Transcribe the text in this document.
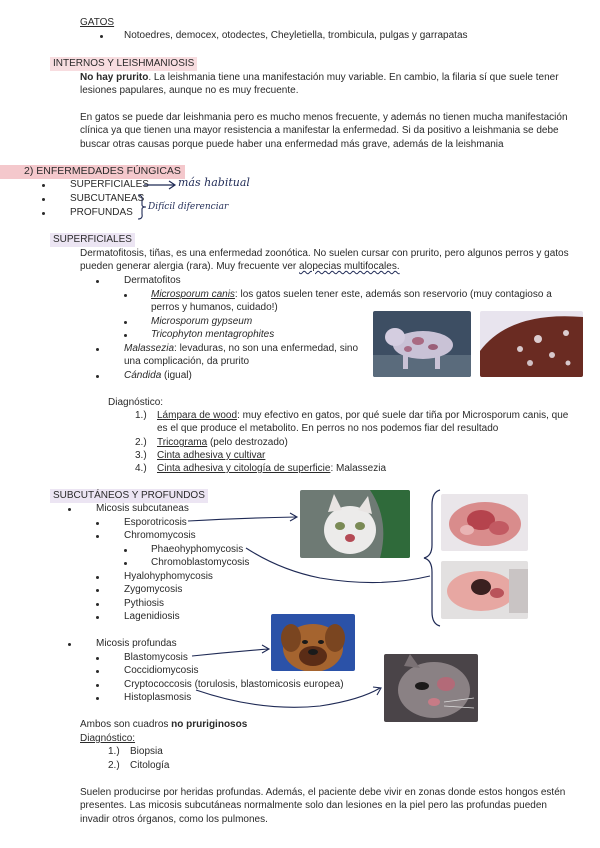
GATOS
Notoedres, democex, otodectes, Cheyletiella, trombicula, pulgas y garrapatas
INTERNOS Y LEISHMANIOSIS
No hay prurito. La leishmania tiene una manifestación muy variable. En cambio, la filaria sí que suele tener
lesiones papulares, aunque no es muy frecuente.
En gatos se puede dar leishmania pero es mucho menos frecuente, y además no tienen mucha manifestación
clínica ya que tienen una mayor resistencia a manifestar la enfermedad. Si da positivo a leishmania se debe
buscar otras causas porque puede haber una enfermedad más grave, además de la leishmania
2) ENFERMEDADES FÚNGICAS
SUPERFICIALES
SUBCUTANEAS
PROFUNDAS
más habitual
Difícil diferenciar
SUPERFICIALES
Dermatofitosis, tiñas, es una enfermedad zoonótica. No suelen cursar con prurito, pero algunos perros y gatos
pueden generar alergia (rara). Muy frecuente ver alopecias multifocales.
Dermatofitos
Microsporum canis: los gatos suelen tener este, además son reservorio (muy contagioso a
perros y humanos, cuidado!)
Microsporum gypseum
Tricophyton mentagrophites
Malassezia: levaduras, no son una enfermedad, sino
una complicación, da prurito
Cándida (igual)
Diagnóstico:
1.) Lámpara de wood: muy efectivo en gatos, por qué suele dar tiña por Microsporum canis, que
es el que produce el metabolito. En perros no nos podemos fiar del resultado
2.) Tricograma (pelo destrozado)
3.) Cinta adhesiva y cultivar
4.) Cinta adhesiva y citología de superficie: Malassezia
SUBCUTÁNEOS Y PROFUNDOS
Micosis subcutaneas
Esporotricosis
Chromomycosis
Phaeohyphomycosis
Chromoblastomycosis
Hyalohyphomycosis
Zygomycosis
Pythiosis
Lagenidiosis
Micosis profundas
Blastomycosis
Coccidiomycosis
Cryptococcosis (torulosis, blastomicosis europea)
Histoplasmosis
Ambos son cuadros no pruriginosos
Diagnóstico:
1.) Biopsia
2.) Citología
Suelen producirse por heridas profundas. Además, el paciente debe vivir en zonas donde estos hongos estén
presentes. Las micosis subcutáneas normalmente solo dan lesiones en la piel pero las profundas pueden
invadir otros órganos, como los pulmones.
